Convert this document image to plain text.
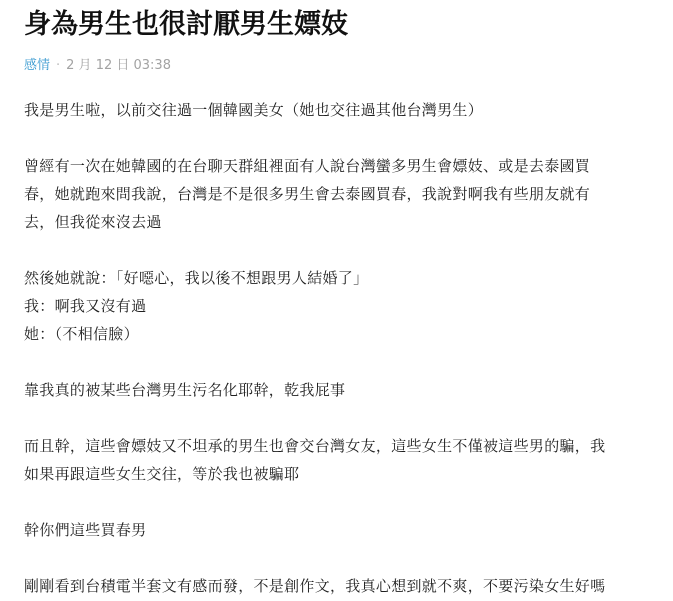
身為男生也很討厭男生嫖妓
感情 · 2 月 12 日 03:38

我是男生啦，以前交往過一個韓國美女（她也交往過其他台灣男生）

曾經有一次在她韓國的在台聊天群組裡面有人說台灣蠻多男生會嫖妓、或是去泰國買

春，她就跑來問我說，台灣是不是很多男生會去泰國買春，我說對啊我有些朋友就有

去，但我從來沒去過

然後她就說：「好噁心，我以後不想跟男人結婚了」

我：啊我又沒有過

她：（不相信臉）

靠我真的被某些台灣男生污名化耶幹，乾我屁事

而且幹，這些會嫖妓又不坦承的男生也會交台灣女友，這些女生不僅被這些男的騙，我

如果再跟這些女生交往，等於我也被騙耶

幹你們這些買春男

剛剛看到台積電半套文有感而發，不是創作文，我真心想到就不爽，不要污染女生好嗎
